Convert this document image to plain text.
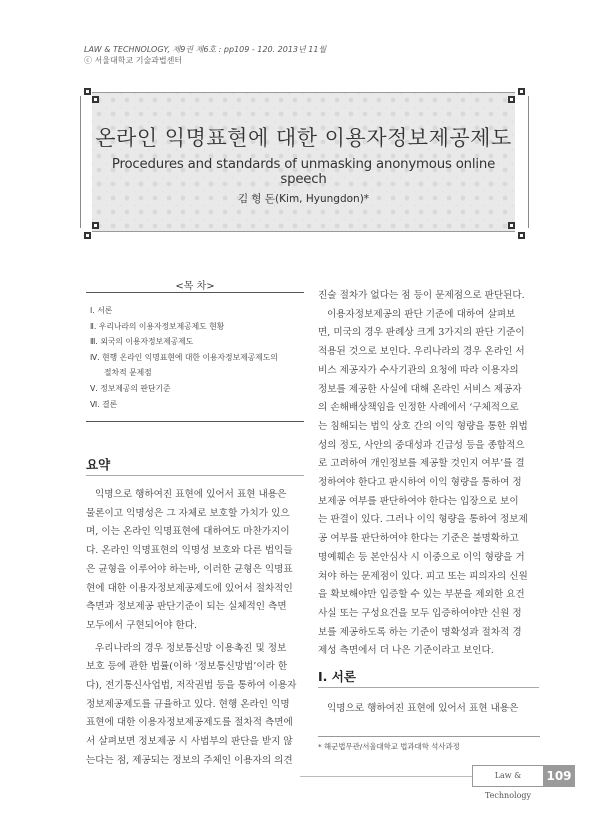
LAW & TECHNOLOGY, 제9권 제6호 : pp109 - 120. 2013년 11월
ⓒ 서울대학교 기술과법센터
온라인 익명표현에 대한 이용자정보제공제도
Procedures and standards of unmasking anonymous online speech
김 형 돈(Kim, Hyungdon)*
<목 차>
Ⅰ. 서론
Ⅱ. 우리나라의 이용자정보제공제도 현황
Ⅲ. 외국의 이용자정보제공제도
Ⅳ. 현행 온라인 익명표현에 대한 이용자정보제공제도의
절차적 문제점
Ⅴ. 정보제공의 판단기준
Ⅵ. 결론
요약
익명으로 행하여진 표현에 있어서 표현 내용은
물론이고 익명성은 그 자체로 보호할 가치가 있으
며, 이는 온라인 익명표현에 대하여도 마찬가지이
다. 온라인 익명표현의 익명성 보호와 다른 법익들
은 균형을 이루어야 하는바, 이러한 균형은 익명표
현에 대한 이용자정보제공제도에 있어서 절차적인
측면과 정보제공 판단기준이 되는 실체적인 측면
모두에서 구현되어야 한다.
우리나라의 경우 정보통신망 이용촉진 및 정보
보호 등에 관한 법률(이하 ‘정보통신망법’이라 한
다), 전기통신사업법, 저작권법 등을 통하여 이용자
정보제공제도를 규율하고 있다. 현행 온라인 익명
표현에 대한 이용자정보제공제도를 절차적 측면에
서 살펴보면 정보제공 시 사법부의 판단을 받지 않
는다는 점, 제공되는 정보의 주체인 이용자의 의견
진술 절차가 없다는 점 등이 문제점으로 판단된다.
이용자정보제공의 판단 기준에 대하여 살펴보
면, 미국의 경우 판례상 크게 3가지의 판단 기준이
적용된 것으로 보인다. 우리나라의 경우 온라인 서
비스 제공자가 수사기관의 요청에 따라 이용자의
정보를 제공한 사실에 대해 온라인 서비스 제공자
의 손해배상책임을 인정한 사례에서 ‘구체적으로
는 침해되는 법익 상호 간의 이익 형량을 통한 위법
성의 정도, 사안의 중대성과 긴급성 등을 종합적으
로 고려하여 개인정보를 제공할 것인지 여부’를 결
정하여야 한다고 판시하여 이익 형량을 통하여 정
보제공 여부를 판단하여야 한다는 입장으로 보이
는 판결이 있다. 그러나 이익 형량을 통하여 정보제
공 여부를 판단하여야 한다는 기준은 불명확하고
명예훼손 등 본안심사 시 이중으로 이익 형량을 거
쳐야 하는 문제점이 있다. 피고 또는 피의자의 신원
을 확보해야만 입증할 수 있는 부분을 제외한 요건
사실 또는 구성요건을 모두 입증하여야만 신원 정
보를 제공하도록 하는 기준이 명확성과 절차적 경
제성 측면에서 더 나은 기준이라고 보인다.
Ⅰ. 서론
익명으로 행하여진 표현에 있어서 표현 내용은
* 해군법무관/서울대학교 법과대학 석사과정
Law & Technology
109
